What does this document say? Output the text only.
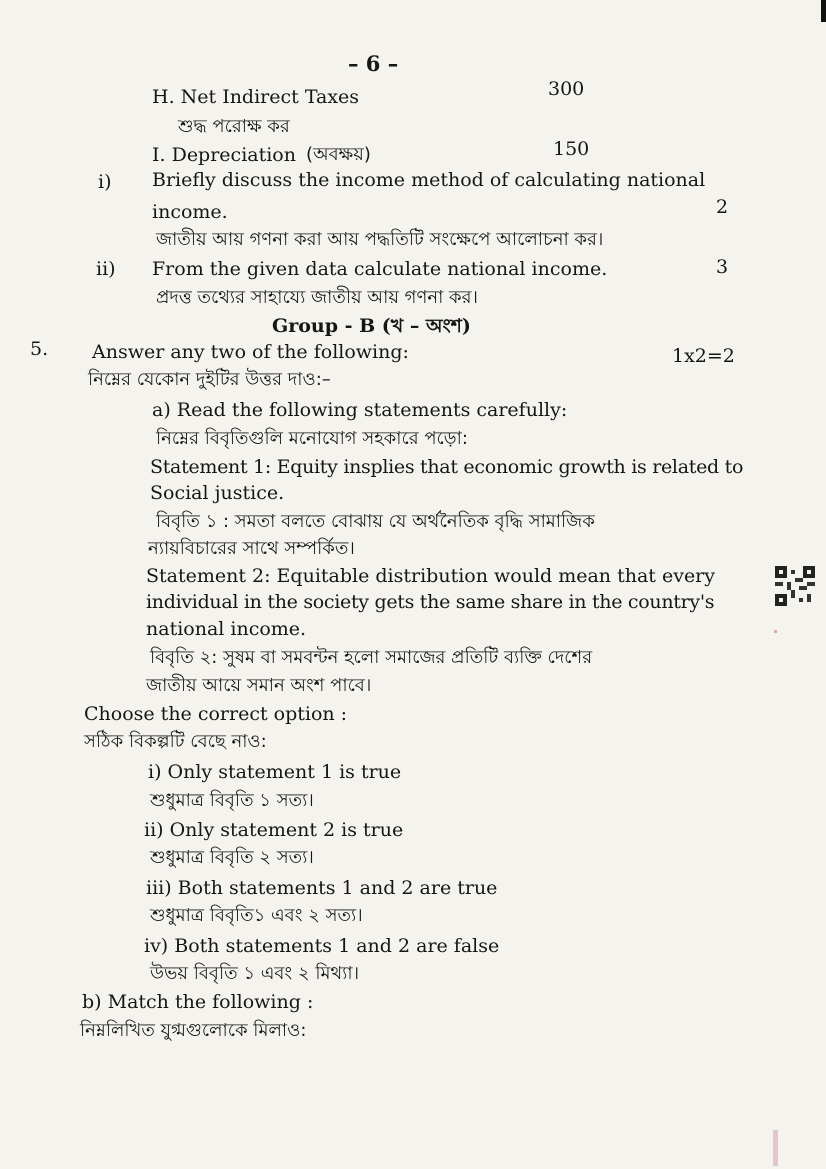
– 6 –
H. Net Indirect Taxes	300
শুদ্ধ পরোক্ষ কর
I. Depreciation (অবক্ষয়)	150
i) Briefly discuss the income method of calculating national
income.	2
জাতীয় আয় গণনা করা আয় পদ্ধতিটি সংক্ষেপে আলোচনা কর।
ii) From the given data calculate national income.	3
প্রদত্ত তথ্যের সাহায্যে জাতীয় আয় গণনা কর।
Group - B (খ – অংশ)
5. Answer any two of the following:	1x2=2
নিম্নের যেকোন দুইটির উত্তর দাও:–
a) Read the following statements carefully:
নিম্নের বিবৃতিগুলি মনোযোগ সহকারে পড়ো:
Statement 1: Equity insplies that economic growth is related to
Social justice.
বিবৃতি ১ : সমতা বলতে বোঝায় যে অর্থনৈতিক বৃদ্ধি সামাজিক
ন্যায়বিচারের সাথে সম্পর্কিত।
Statement 2: Equitable distribution would mean that every
individual in the society gets the same share in the country's
national income.
বিবৃতি ২: সুষম বা সমবন্টন হলো সমাজের প্রতিটি ব্যক্তি দেশের
জাতীয় আয়ে সমান অংশ পাবে।
Choose the correct option :
সঠিক বিকল্পটি বেছে নাও:
i) Only statement 1 is true
শুধুমাত্র বিবৃতি ১ সত্য।
ii) Only statement 2 is true
শুধুমাত্র বিবৃতি ২ সত্য।
iii) Both statements 1 and 2 are true
শুধুমাত্র বিবৃতি১ এবং ২ সত্য।
iv) Both statements 1 and 2 are false
উভয় বিবৃতি ১ এবং ২ মিথ্যা।
b) Match the following :
নিম্নলিখিত যুগ্মগুলোকে মিলাও:
